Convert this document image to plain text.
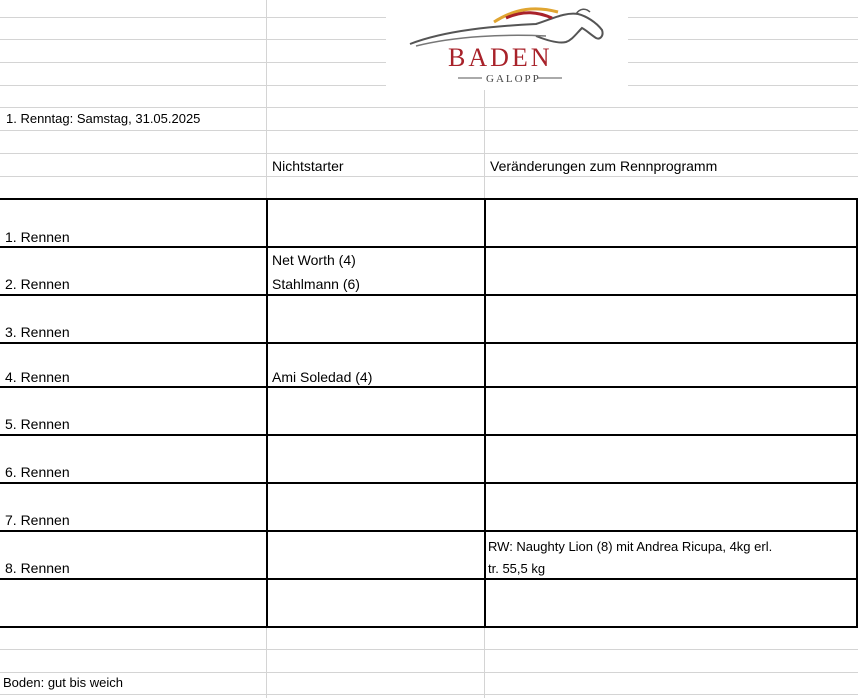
BADEN
GALOPP
1. Renntag: Samstag, 31.05.2025
Nichtstarter	Veränderungen zum Rennprogramm
1. Rennen
2. Rennen
Net Worth (4)
Stahlmann (6)
3. Rennen
4. Rennen	Ami Soledad (4)
5. Rennen
6. Rennen
7. Rennen
8. Rennen
RW: Naughty Lion (8) mit Andrea Ricupa, 4kg erl.
tr. 55,5 kg
Boden: gut bis weich
